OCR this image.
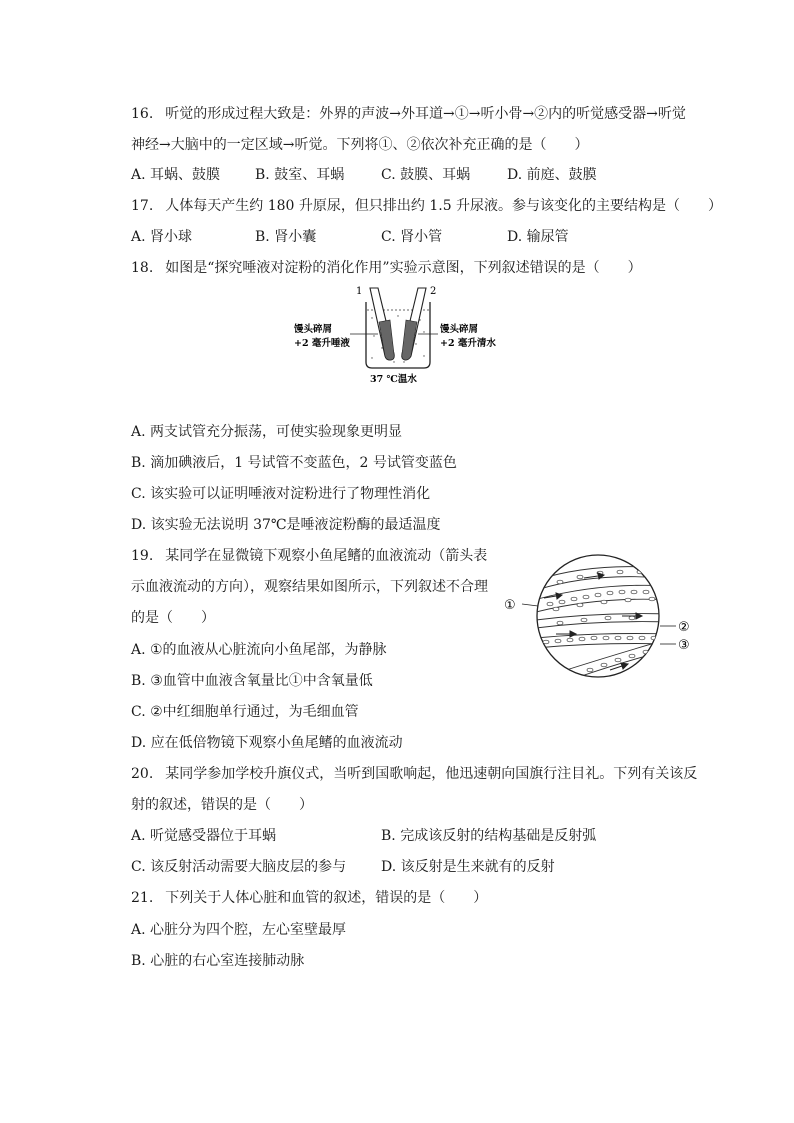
16. 听觉的形成过程大致是：外界的声波→外耳道→①→听小骨→②内的听觉感受器→听觉
神经→大脑中的一定区域→听觉。下列将①、②依次补充正确的是（　　）
A. 耳蜗、鼓膜 B. 鼓室、耳蜗	C. 鼓膜、耳蜗	D. 前庭、鼓膜
17. 人体每天产生约 180 升原尿，但只排出约 1.5 升尿液。参与该变化的主要结构是（　　）
A. 肾小球	B. 肾小囊	C. 肾小管	D. 输尿管
18. 如图是“探究唾液对淀粉的消化作用”实验示意图，下列叙述错误的是（　　）
1	2
馒头碎屑
+2 毫升唾液
馒头碎屑
+2 毫升清水
37 ℃温水
A. 两支试管充分振荡，可使实验现象更明显
B. 滴加碘液后，1 号试管不变蓝色，2 号试管变蓝色
C. 该实验可以证明唾液对淀粉进行了物理性消化
D. 该实验无法说明 37℃是唾液淀粉酶的最适温度
19. 某同学在显微镜下观察小鱼尾鳍的血液流动（箭头表
示血液流动的方向），观察结果如图所示，下列叙述不合理
的是（　　）
A. ①的血液从心脏流向小鱼尾部，为静脉
B. ③血管中血液含氧量比①中含氧量低
C. ②中红细胞单行通过，为毛细血管
D. 应在低倍物镜下观察小鱼尾鳍的血液流动
①
②
③
20. 某同学参加学校升旗仪式，当听到国歌响起，他迅速朝向国旗行注目礼。下列有关该反
射的叙述，错误的是（　　）
A. 听觉感受器位于耳蜗	B. 完成该反射的结构基础是反射弧
C. 该反射活动需要大脑皮层的参与 D. 该反射是生来就有的反射
21. 下列关于人体心脏和血管的叙述，错误的是（　　）
A. 心脏分为四个腔，左心室壁最厚
B. 心脏的右心室连接肺动脉
